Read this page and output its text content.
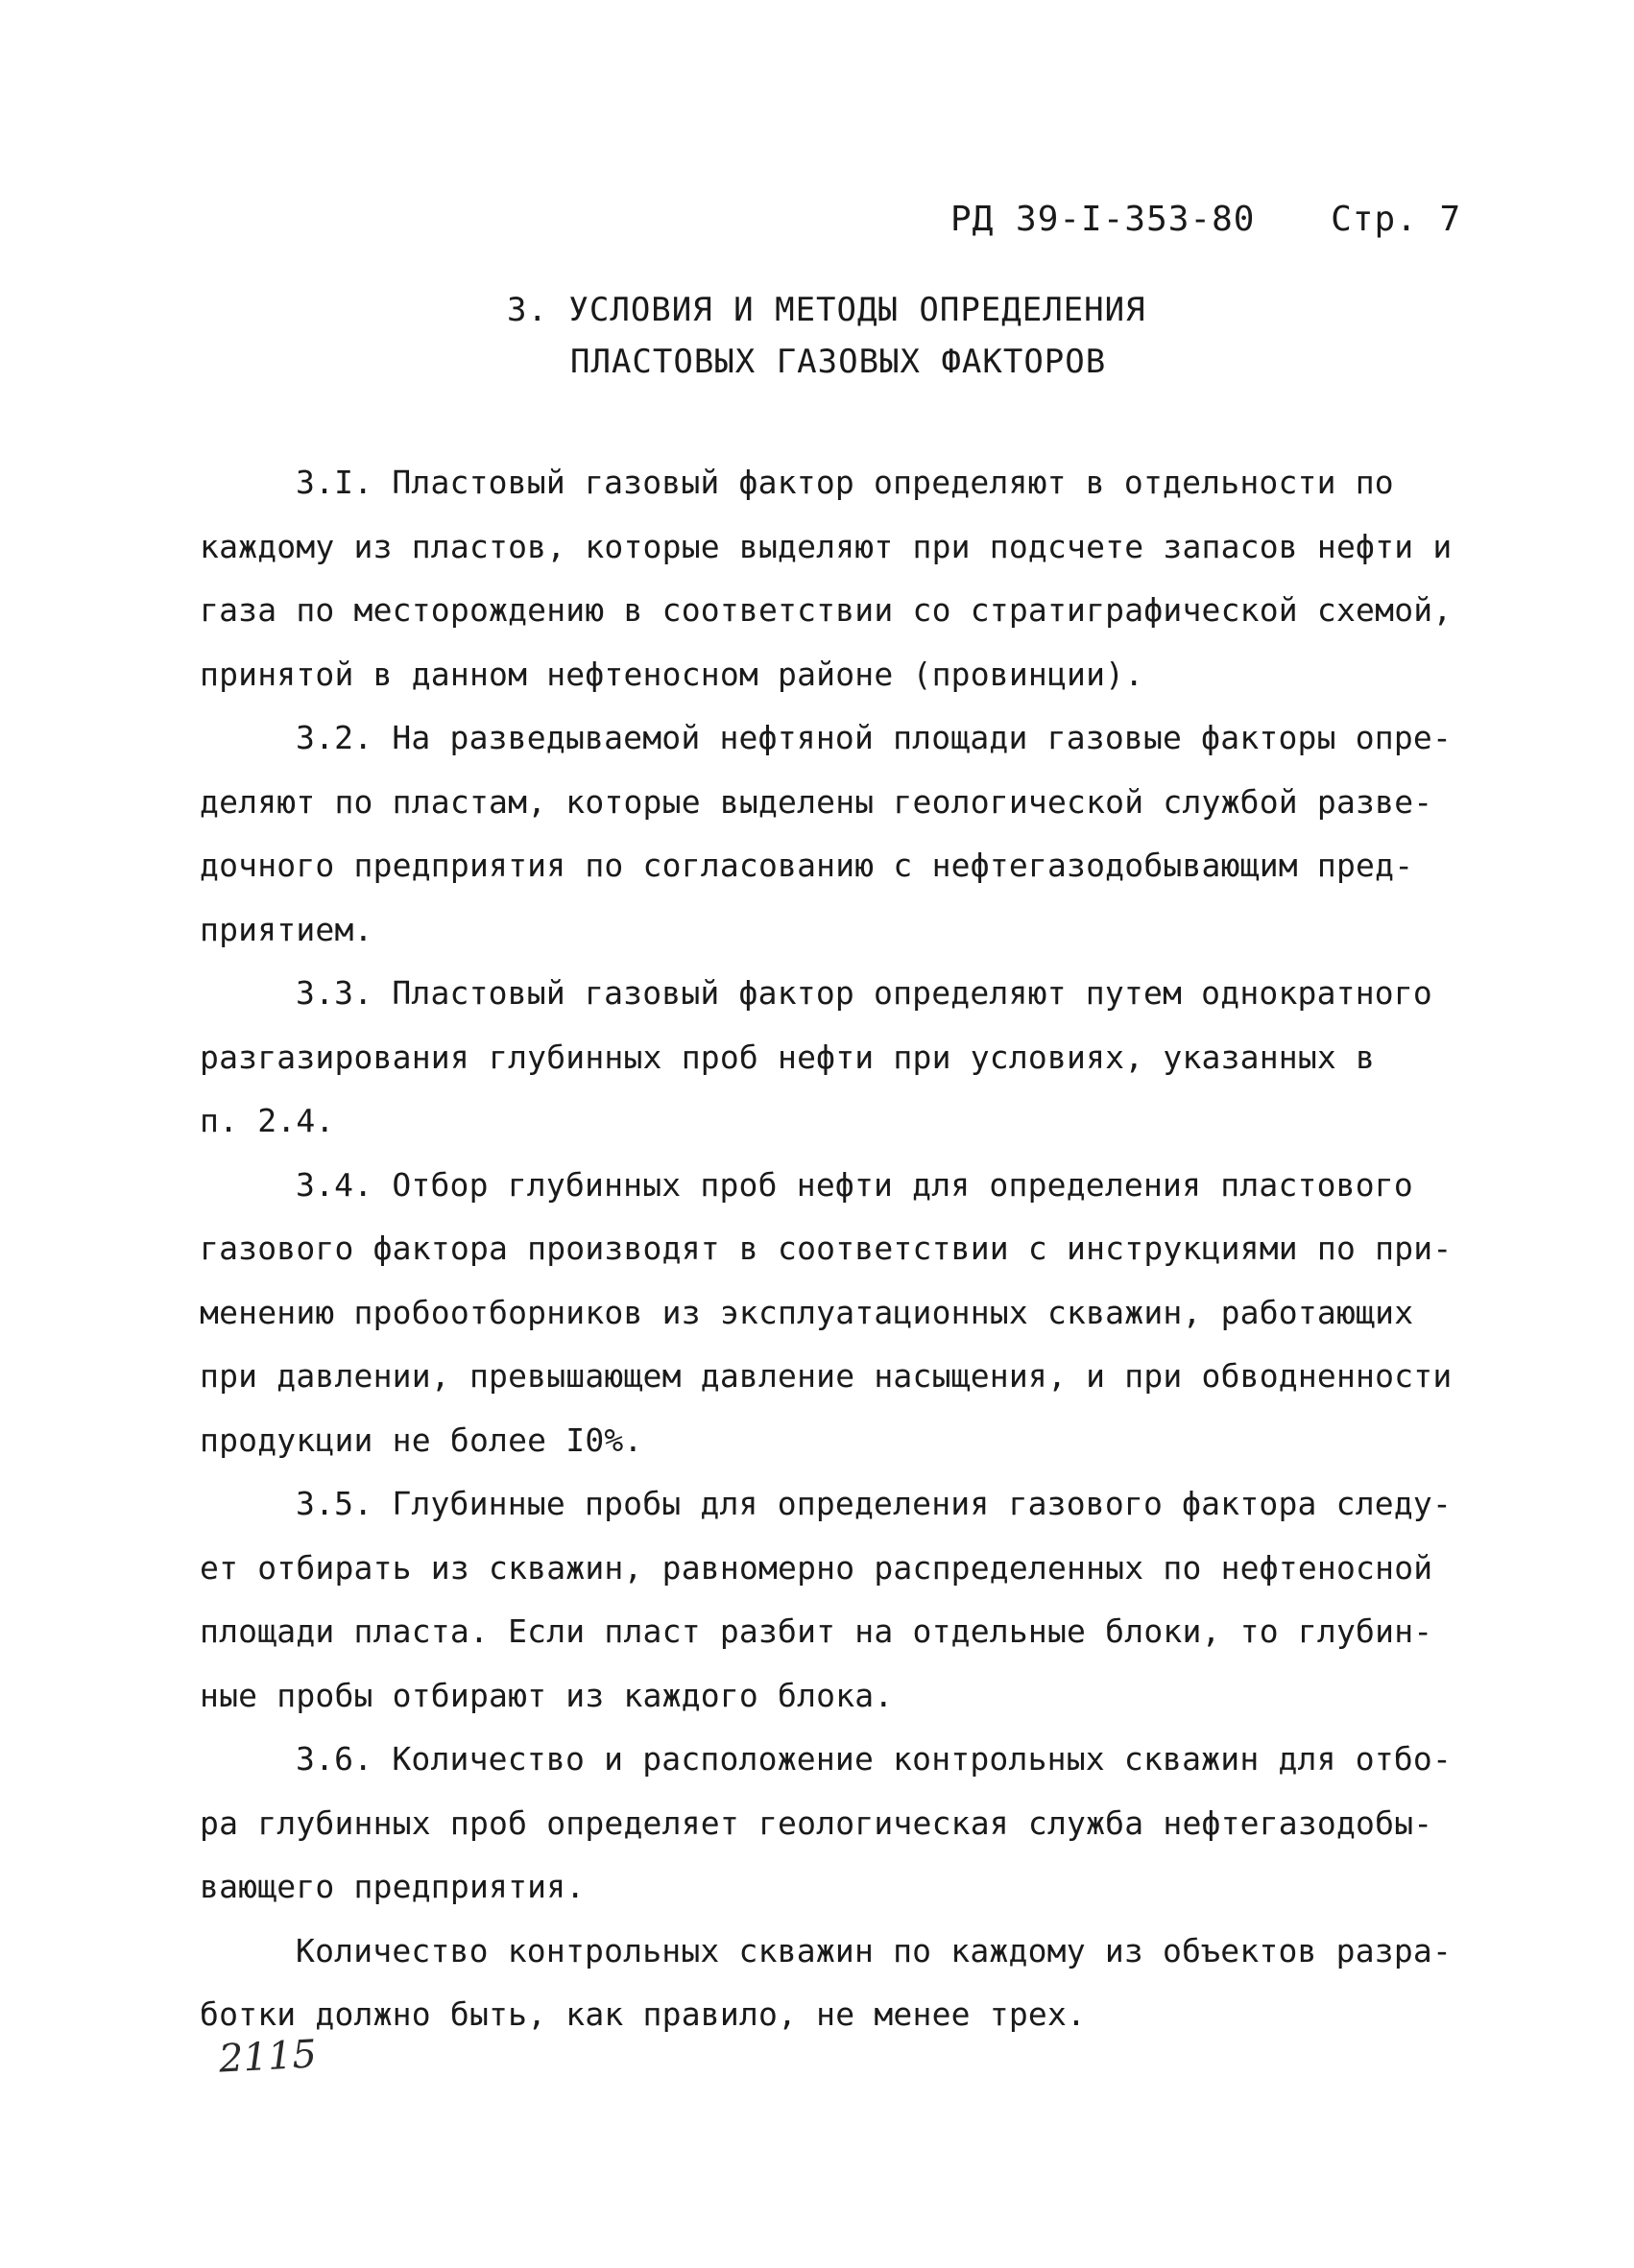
РД 39-I-353-80 Стр. 7
3. УСЛОВИЯ И МЕТОДЫ ОПРЕДЕЛЕНИЯ
ПЛАСТОВЫХ ГАЗОВЫХ ФАКТОРОВ
3.I. Пластовый газовый фактор определяют в отдельности по
каждому из пластов, которые выделяют при подсчете запасов нефти и
газа по месторождению в соответствии со стратиграфической схемой,
принятой в данном нефтеносном районе (провинции).
3.2. На разведываемой нефтяной площади газовые факторы опре-
деляют по пластам, которые выделены геологической службой разве-
дочного предприятия по согласованию с нефтегазодобывающим пред-
приятием.
3.3. Пластовый газовый фактор определяют путем однократного
разгазирования глубинных проб нефти при условиях, указанных в
п. 2.4.
3.4. Отбор глубинных проб нефти для определения пластового
газового фактора производят в соответствии с инструкциями по при-
менению пробоотборников из эксплуатационных скважин, работающих
при давлении, превышающем давление насыщения, и при обводненности
продукции не более I0%.
3.5. Глубинные пробы для определения газового фактора следу-
ет отбирать из скважин, равномерно распределенных по нефтеносной
площади пласта. Если пласт разбит на отдельные блоки, то глубин-
ные пробы отбирают из каждого блока.
3.6. Количество и расположение контрольных скважин для отбо-
ра глубинных проб определяет геологическая служба нефтегазодобы-
вающего предприятия.
Количество контрольных скважин по каждому из объектов разра-
ботки должно быть, как правило, не менее трех.
2115
